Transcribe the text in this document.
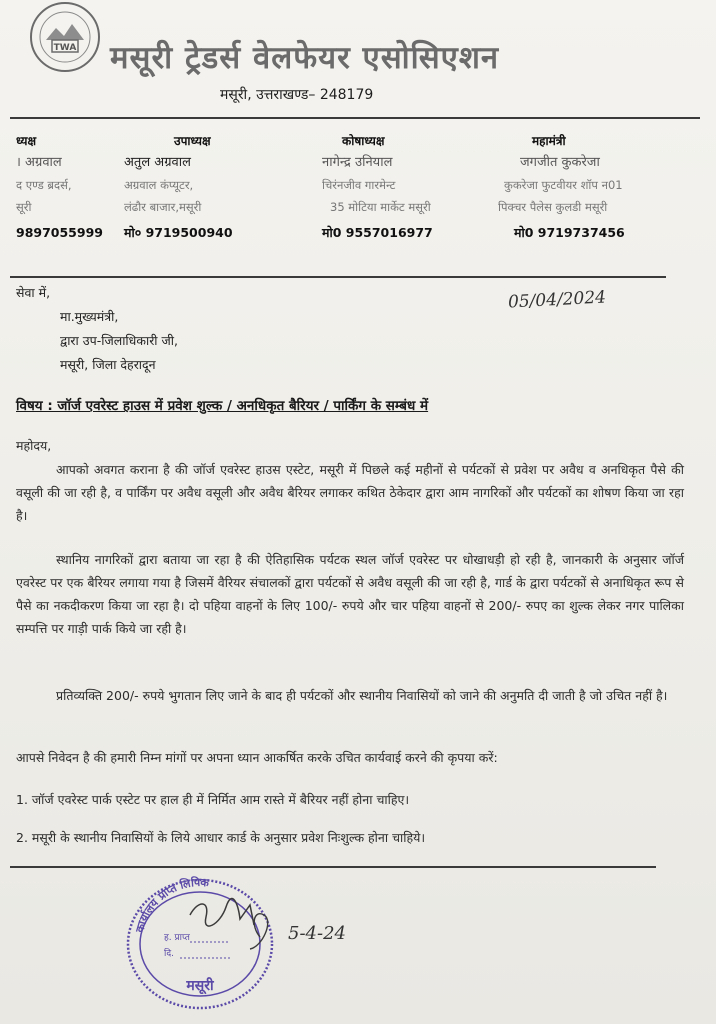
TWA मसूरी ट्रेडर्स वेलफेयर एसोसिएशन
मसूरी, उत्तराखण्ड– 248179
ध्यक्ष
। अग्रवाल
द एण्ड ब्रदर्स,
सूरी
9897055999
उपाध्यक्ष
अतुल अग्रवाल
अग्रवाल कंप्यूटर,
लंढौर बाजार,मसूरी
मो० 9719500940
कोषाध्यक्ष
नागेन्द्र उनियाल
चिरंनजीव गारमेन्ट
35 मोटिया मार्केट मसूरी
मो0 9557016977
महामंत्री
जगजीत कुकरेजा
कुकरेजा फुटवीयर शॉप न01
पिक्चर पैलेस कुलडी मसूरी
मो0 9719737456
सेवा में,
मा.मुख्यमंत्री,
द्वारा उप-जिलाधिकारी जी,
मसूरी, जिला देहरादून
05/04/2024
विषय : जॉर्ज एवरेस्ट हाउस में प्रवेश शुल्क / अनधिकृत बैरियर / पार्किंग के सम्बंध में
महोदय,
आपको अवगत कराना है की जॉर्ज एवरेस्ट हाउस एस्टेट, मसूरी में पिछले कई महीनों से पर्यटकों से प्रवेश पर अवैध व अनधिकृत पैसे की वसूली की जा रही है, व पार्किंग पर अवैध वसूली और अवैध बैरियर लगाकर कथित ठेकेदार द्वारा आम नागरिकों और पर्यटकों का शोषण किया जा रहा है।
स्थानिय नागरिकों द्वारा बताया जा रहा है की ऐतिहासिक पर्यटक स्थल जॉर्ज एवरेस्ट पर धोखाधड़ी हो रही है, जानकारी के अनुसार जॉर्ज एवरेस्ट पर एक बैरियर लगाया गया है जिसमें वैरियर संचालकों द्वारा पर्यटकों से अवैध वसूली की जा रही है, गार्ड के द्वारा पर्यटकों से अनाधिकृत रूप से पैसे का नकदीकरण किया जा रहा है। दो पहिया वाहनों के लिए 100/- रुपये और चार पहिया वाहनों से 200/- रुपए का शुल्क लेकर नगर पालिका सम्पत्ति पर गाड़ी पार्क किये जा रही है।
प्रतिव्यक्ति 200/- रुपये भुगतान लिए जाने के बाद ही पर्यटकों और स्थानीय निवासियों को जाने की अनुमति दी जाती है जो उचित नहीं है।
आपसे निवेदन है की हमारी निम्न मांगों पर अपना ध्यान आकर्षित करके उचित कार्यवाई करने की कृपया करें:
1. जॉर्ज एवरेस्ट पार्क एस्टेट पर हाल ही में निर्मित आम रास्ते में बैरियर नहीं होना चाहिए।
2. मसूरी के स्थानीय निवासियों के लिये आधार कार्ड के अनुसार प्रवेश निःशुल्क होना चाहिये।
कार्यालय प्राप्त लिपिक
ह. प्राप्त
दि.
मसूरी
5-4-24
